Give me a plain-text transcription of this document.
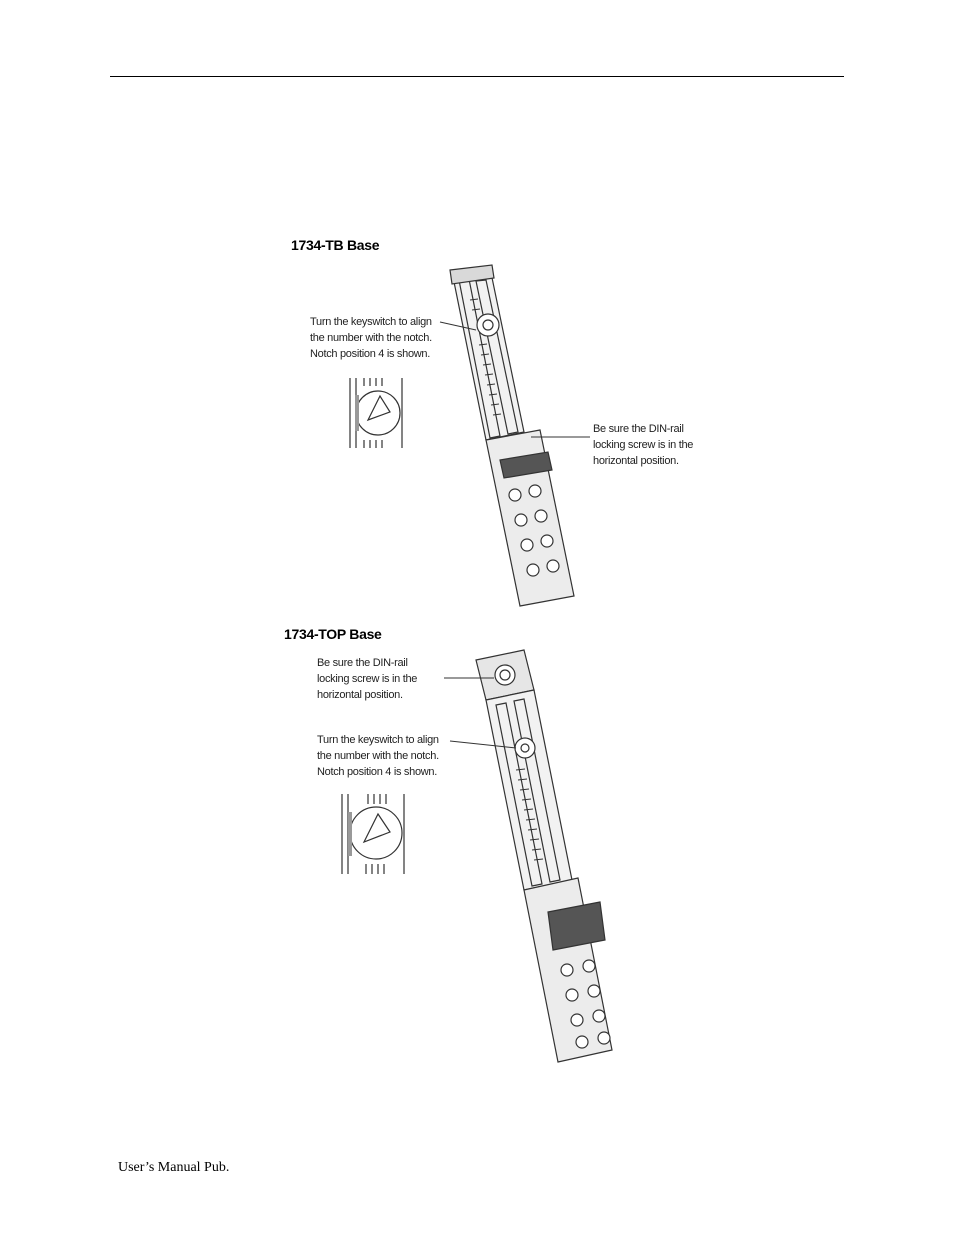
1734-TB Base
Turn the keyswitch to align
the number with the notch.
Notch position 4 is shown.
Be sure the DIN-rail
locking screw is in the
horizontal position.
1734-TOP Base
Be sure the DIN-rail
locking screw is in the
horizontal position.
Turn the keyswitch to align
the number with the notch.
Notch position 4 is shown.
User’s Manual Pub.
